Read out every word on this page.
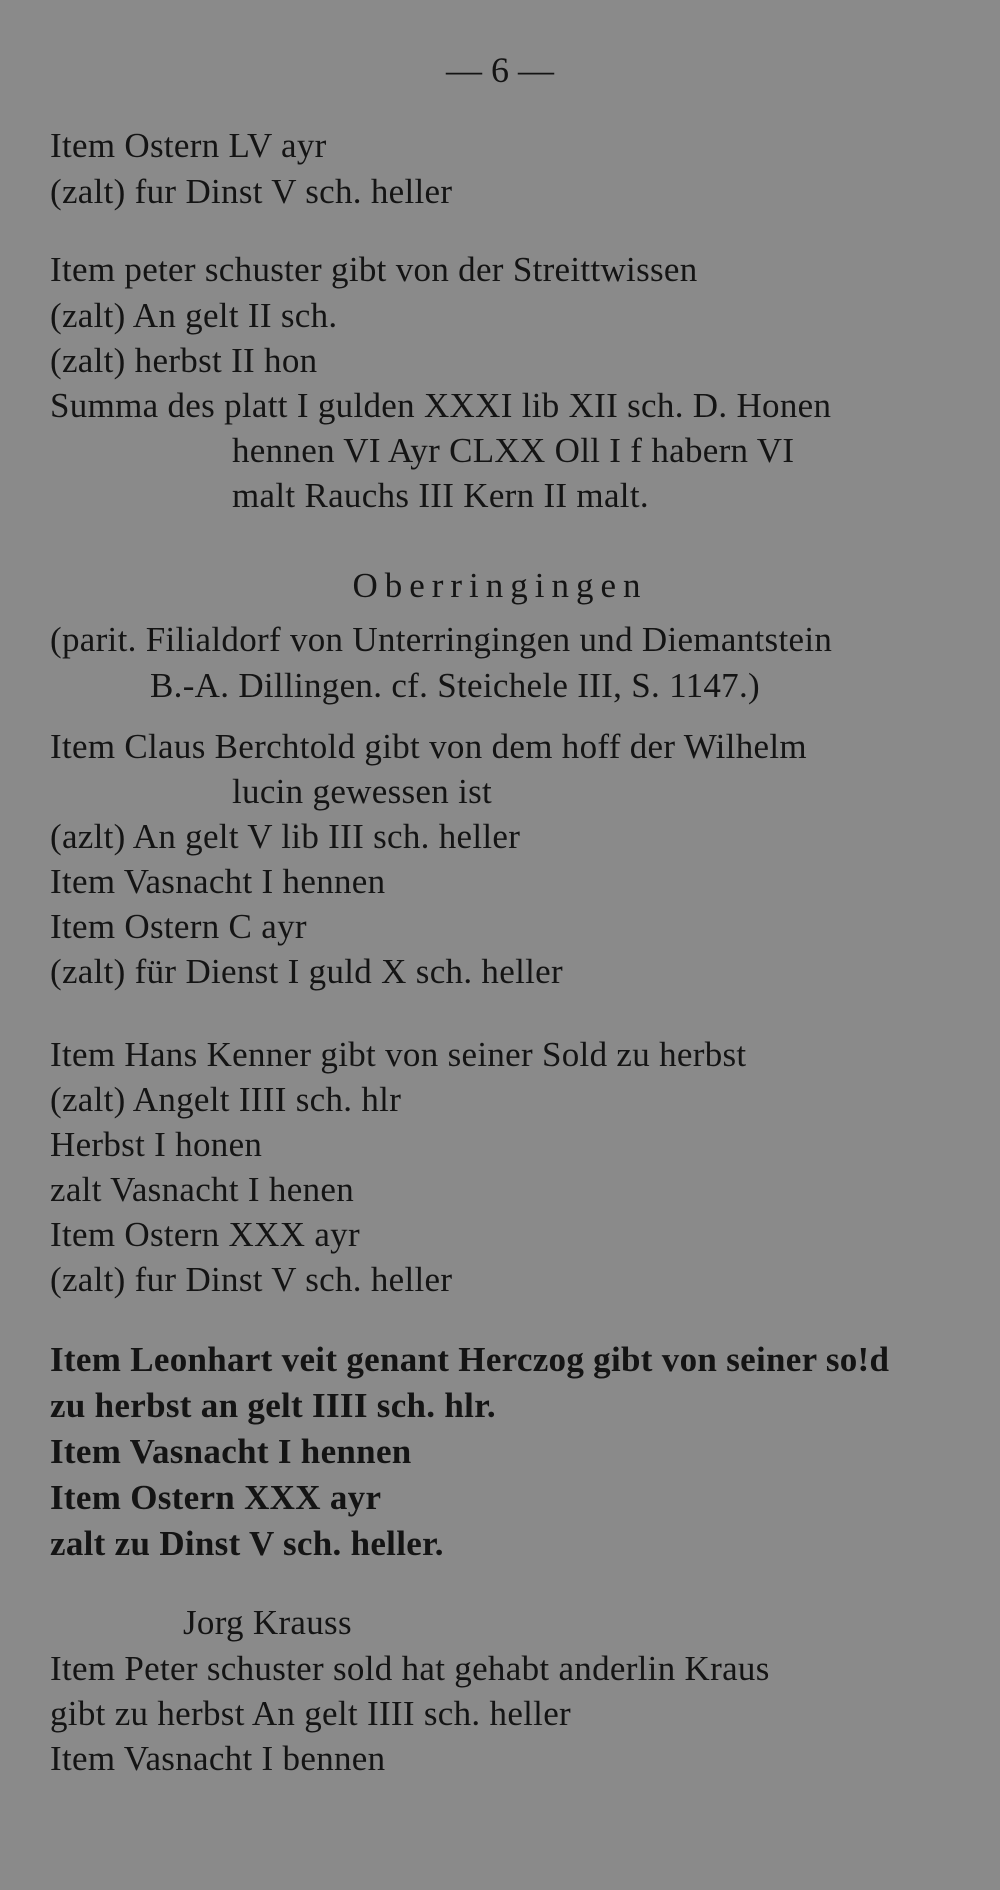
— 6 —
Item Ostern LV ayr
(zalt) fur Dinst V sch. heller
Item peter schuster gibt von der Streittwissen
(zalt) An gelt II sch.
(zalt) herbst II hon
Summa des platt I gulden XXXI lib XII sch. D. Honen
hennen VI Ayr CLXX Oll I f habern VI
malt Rauchs III Kern II malt.
Oberringingen
(parit. Filialdorf von Unterringingen und Diemantstein
B.-A. Dillingen. cf. Steichele III, S. 1147.)
Item Claus Berchtold gibt von dem hoff der Wilhelm
lucin gewessen ist
(azlt) An gelt V lib III sch. heller
Item Vasnacht I hennen
Item Ostern C ayr
(zalt) für Dienst I guld X sch. heller
Item Hans Kenner gibt von seiner Sold zu herbst
(zalt) Angelt IIII sch. hlr
Herbst I honen
zalt Vasnacht I henen
Item Ostern XXX ayr
(zalt) fur Dinst V sch. heller
Item Leonhart veit genant Herczog gibt von seiner so!d
zu herbst an gelt IIII sch. hlr.
Item Vasnacht I hennen
Item Ostern XXX ayr
zalt zu Dinst V sch. heller.
Jorg Krauss
Item Peter schuster sold hat gehabt anderlin Kraus
gibt zu herbst An gelt IIII sch. heller
Item Vasnacht I bennen
